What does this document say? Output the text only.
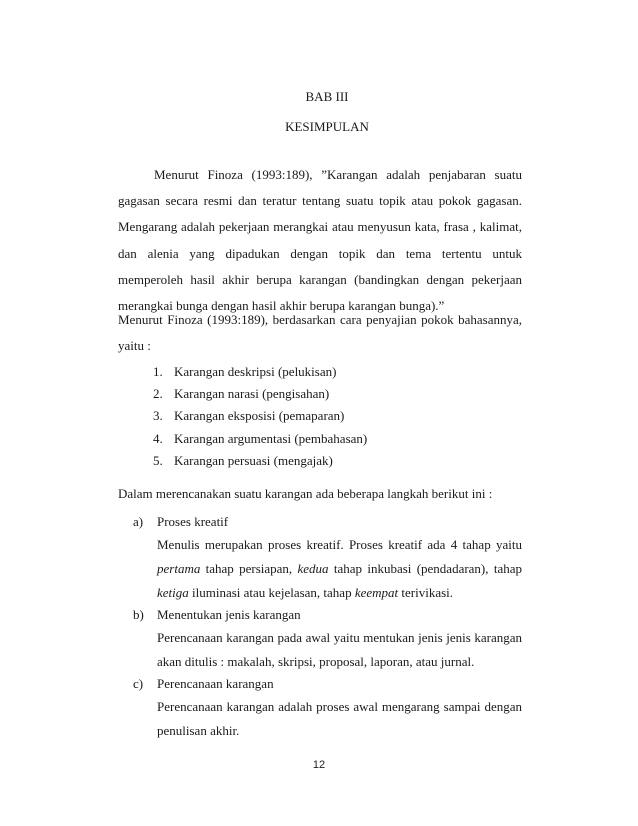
BAB III
KESIMPULAN
Menurut Finoza (1993:189), ”Karangan adalah penjabaran suatu gagasan secara resmi dan teratur tentang suatu topik atau pokok gagasan. Mengarang adalah pekerjaan merangkai atau menyusun kata, frasa , kalimat, dan alenia yang dipadukan dengan topik dan tema tertentu untuk memperoleh hasil akhir berupa karangan (bandingkan dengan pekerjaan merangkai bunga dengan hasil akhir berupa karangan bunga).”
Menurut Finoza (1993:189), berdasarkan cara penyajian pokok bahasannya, yaitu :
1. Karangan deskripsi (pelukisan)
2. Karangan narasi (pengisahan)
3. Karangan eksposisi (pemaparan)
4. Karangan argumentasi (pembahasan)
5. Karangan persuasi (mengajak)
Dalam merencanakan suatu karangan ada beberapa langkah berikut ini :
a) Proses kreatif
Menulis merupakan proses kreatif. Proses kreatif ada 4 tahap yaitu pertama tahap persiapan, kedua tahap inkubasi (pendadaran), tahap ketiga iluminasi atau kejelasan, tahap keempat terivikasi.
b) Menentukan jenis karangan
Perencanaan karangan pada awal yaitu mentukan jenis jenis karangan akan ditulis : makalah, skripsi, proposal, laporan, atau jurnal.
c) Perencanaan karangan
Perencanaan karangan adalah proses awal mengarang sampai dengan penulisan akhir.
12
